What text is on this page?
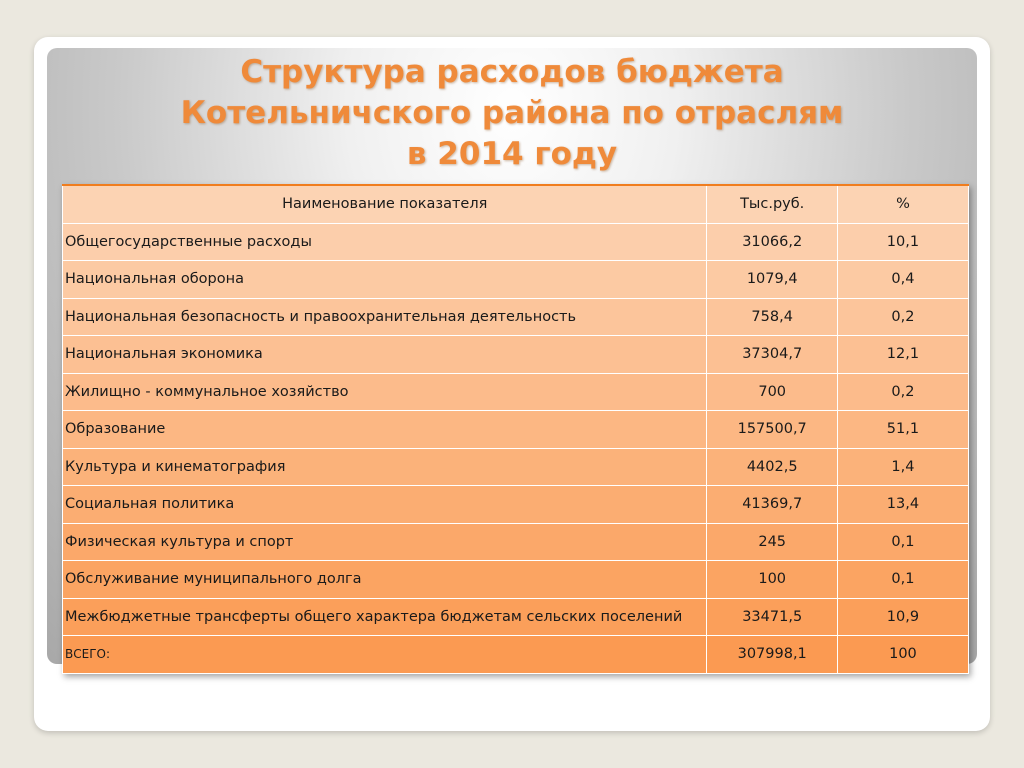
Структура расходов бюджета
Котельничского района по отраслям
в 2014 году
Наименование показателя	Тыс.руб.	%
Общегосударственные расходы	31066,2	10,1
Национальная оборона	1079,4	0,4
Национальная безопасность и правоохранительная деятельность	758,4	0,2
Национальная экономика	37304,7	12,1
Жилищно - коммунальное хозяйство	700	0,2
Образование	157500,7	51,1
Культура и кинематография	4402,5	1,4
Социальная политика	41369,7	13,4
Физическая культура и спорт	245	0,1
Обслуживание муниципального долга	100	0,1
Межбюджетные трансферты общего характера бюджетам сельских поселений	33471,5	10,9
ВСЕГО:	307998,1	100
